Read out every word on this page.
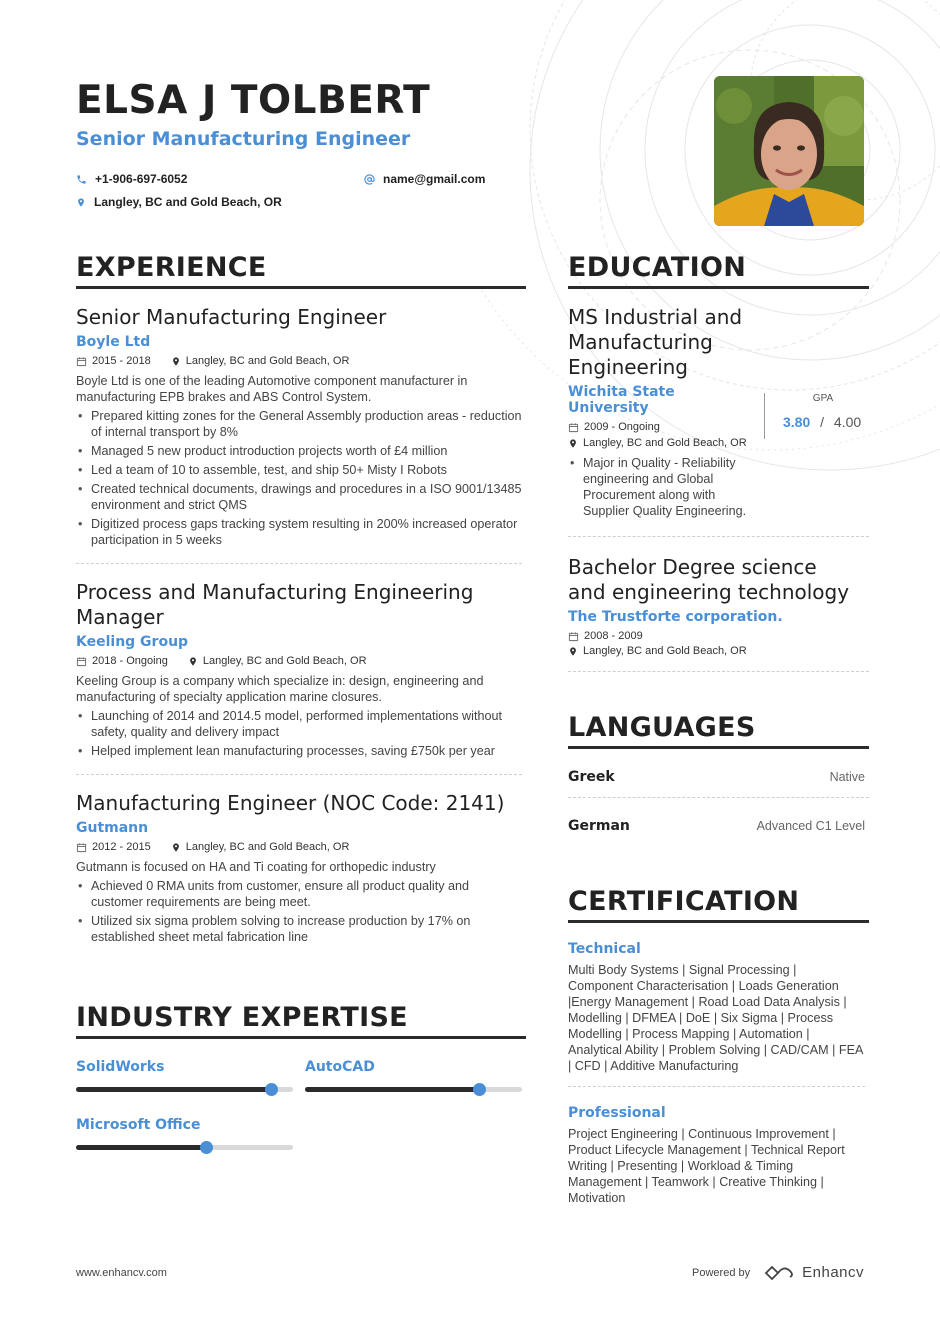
ELSA J TOLBERT
Senior Manufacturing Engineer
+1-906-697-6052	name@gmail.com
Langley, BC and Gold Beach, OR
EXPERIENCE
Senior Manufacturing Engineer
Boyle Ltd
2015 - 2018	Langley, BC and Gold Beach, OR
Boyle Ltd is one of the leading Automotive component manufacturer in manufacturing EPB brakes and ABS Control System.
• Prepared kitting zones for the General Assembly production areas - reduction of internal transport by 8%
• Managed 5 new product introduction projects worth of £4 million
• Led a team of 10 to assemble, test, and ship 50+ Misty I Robots
• Created technical documents, drawings and procedures in a ISO 9001/13485 environment and strict QMS
• Digitized process gaps tracking system resulting in 200% increased operator participation in 5 weeks
Process and Manufacturing Engineering Manager
Keeling Group
2018 - Ongoing	Langley, BC and Gold Beach, OR
Keeling Group is a company which specialize in: design, engineering and manufacturing of specialty application marine closures.
• Launching of 2014 and 2014.5 model, performed implementations without safety, quality and delivery impact
• Helped implement lean manufacturing processes, saving £750k per year
Manufacturing Engineer (NOC Code: 2141)
Gutmann
2012 - 2015	Langley, BC and Gold Beach, OR
Gutmann is focused on HA and Ti coating for orthopedic industry
• Achieved 0 RMA units from customer, ensure all product quality and customer requirements are being meet.
• Utilized six sigma problem solving to increase production by 17% on established sheet metal fabrication line
INDUSTRY EXPERTISE
SolidWorks	AutoCAD
Microsoft Office
EDUCATION
MS Industrial and Manufacturing Engineering
Wichita State University
2009 - Ongoing
Langley, BC and Gold Beach, OR
• Major in Quality - Reliability engineering and Global Procurement along with Supplier Quality Engineering.
GPA
3.80 / 4.00
Bachelor Degree science and engineering technology
The Trustforte corporation.
2008 - 2009
Langley, BC and Gold Beach, OR
LANGUAGES
Greek	Native
German	Advanced C1 Level
CERTIFICATION
Technical
Multi Body Systems | Signal Processing | Component Characterisation | Loads Generation |Energy Management | Road Load Data Analysis | Modelling | DFMEA | DoE | Six Sigma | Process Modelling | Process Mapping | Automation | Analytical Ability | Problem Solving | CAD/CAM | FEA | CFD | Additive Manufacturing
Professional
Project Engineering | Continuous Improvement | Product Lifecycle Management | Technical Report Writing | Presenting | Workload & Timing Management | Teamwork | Creative Thinking | Motivation
www.enhancv.com	Powered by	Enhancv
